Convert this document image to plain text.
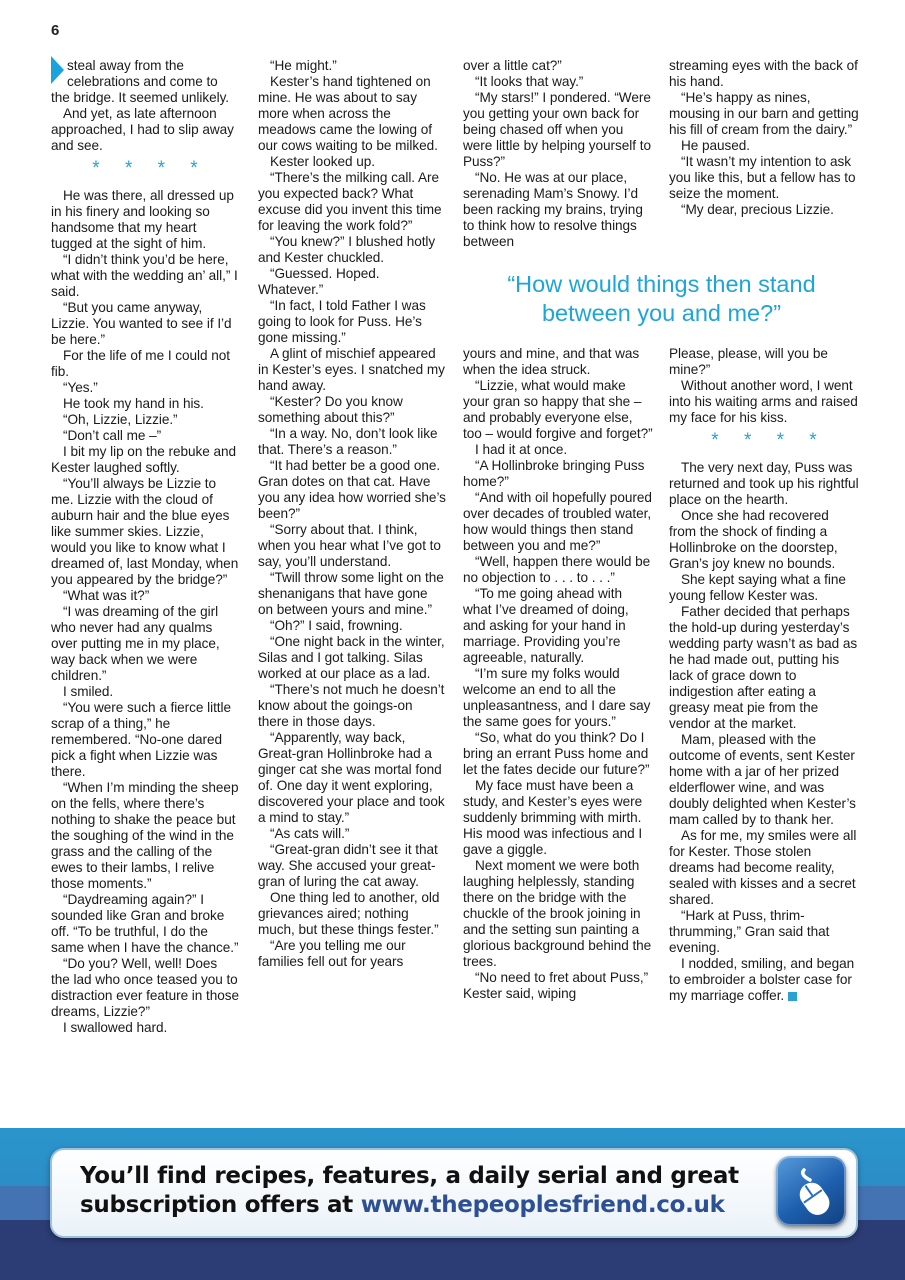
6

steal away from the celebrations and come to the bridge. It seemed unlikely.

And yet, as late afternoon approached, I had to slip away and see.

* * * *

He was there, all dressed up in his finery and looking so handsome that my heart tugged at the sight of him.

“I didn’t think you’d be here, what with the wedding an’ all,” I said.

“But you came anyway, Lizzie. You wanted to see if I’d be here.”

For the life of me I could not fib.

“Yes.”

He took my hand in his.

“Oh, Lizzie, Lizzie.”

“Don’t call me –”

I bit my lip on the rebuke and Kester laughed softly.

“You’ll always be Lizzie to me. Lizzie with the cloud of auburn hair and the blue eyes like summer skies. Lizzie, would you like to know what I dreamed of, last Monday, when you appeared by the bridge?”

“What was it?”

“I was dreaming of the girl who never had any qualms over putting me in my place, way back when we were children.”

I smiled.

“You were such a fierce little scrap of a thing,” he remembered. “No-one dared pick a fight when Lizzie was there.

“When I’m minding the sheep on the fells, where there’s nothing to shake the peace but the soughing of the wind in the grass and the calling of the ewes to their lambs, I relive those moments.”

“Daydreaming again?” I sounded like Gran and broke off. “To be truthful, I do the same when I have the chance.”

“Do you? Well, well! Does the lad who once teased you to distraction ever feature in those dreams, Lizzie?”

I swallowed hard.

“He might.”

Kester’s hand tightened on mine. He was about to say more when across the meadows came the lowing of our cows waiting to be milked.

Kester looked up.

“There’s the milking call. Are you expected back? What excuse did you invent this time for leaving the work fold?”

“You knew?” I blushed hotly and Kester chuckled.

“Guessed. Hoped. Whatever.”

“In fact, I told Father I was going to look for Puss. He’s gone missing.”

A glint of mischief appeared in Kester’s eyes. I snatched my hand away.

“Kester? Do you know something about this?”

“In a way. No, don’t look like that. There’s a reason.”

“It had better be a good one. Gran dotes on that cat. Have you any idea how worried she’s been?”

“Sorry about that. I think, when you hear what I’ve got to say, you’ll understand.

“Twill throw some light on the shenanigans that have gone on between yours and mine.”

“Oh?” I said, frowning.

“One night back in the winter, Silas and I got talking. Silas worked at our place as a lad.

“There’s not much he doesn’t know about the goings-on there in those days.

“Apparently, way back, Great-gran Hollinbroke had a ginger cat she was mortal fond of. One day it went exploring, discovered your place and took a mind to stay.”

“As cats will.”

“Great-gran didn’t see it that way. She accused your great-gran of luring the cat away.

One thing led to another, old grievances aired; nothing much, but these things fester.”

“Are you telling me our families fell out for years

over a little cat?”

“It looks that way.”

“My stars!” I pondered. “Were you getting your own back for being chased off when you were little by helping yourself to Puss?”

“No. He was at our place, serenading Mam’s Snowy. I’d been racking my brains, trying to think how to resolve things between

streaming eyes with the back of his hand.

“He’s happy as nines, mousing in our barn and getting his fill of cream from the dairy.”

He paused.

“It wasn’t my intention to ask you like this, but a fellow has to seize the moment.

“My dear, precious Lizzie.

“How would things then stand between you and me?”

yours and mine, and that was when the idea struck.

“Lizzie, what would make your gran so happy that she – and probably everyone else, too – would forgive and forget?”

I had it at once.

“A Hollinbroke bringing Puss home?”

“And with oil hopefully poured over decades of troubled water, how would things then stand between you and me?”

“Well, happen there would be no objection to . . . to . . .”

“To me going ahead with what I’ve dreamed of doing, and asking for your hand in marriage. Providing you’re agreeable, naturally.

“I’m sure my folks would welcome an end to all the unpleasantness, and I dare say the same goes for yours.”

“So, what do you think? Do I bring an errant Puss home and let the fates decide our future?”

My face must have been a study, and Kester’s eyes were suddenly brimming with mirth. His mood was infectious and I gave a giggle.

Next moment we were both laughing helplessly, standing there on the bridge with the chuckle of the brook joining in and the setting sun painting a glorious background behind the trees.

“No need to fret about Puss,” Kester said, wiping

Please, please, will you be mine?”

Without another word, I went into his waiting arms and raised my face for his kiss.

* * * *

The very next day, Puss was returned and took up his rightful place on the hearth.

Once she had recovered from the shock of finding a Hollinbroke on the doorstep, Gran’s joy knew no bounds.

She kept saying what a fine young fellow Kester was.

Father decided that perhaps the hold-up during yesterday’s wedding party wasn’t as bad as he had made out, putting his lack of grace down to indigestion after eating a greasy meat pie from the vendor at the market.

Mam, pleased with the outcome of events, sent Kester home with a jar of her prized elderflower wine, and was doubly delighted when Kester’s mam called by to thank her.

As for me, my smiles were all for Kester. Those stolen dreams had become reality, sealed with kisses and a secret shared.

“Hark at Puss, thrim-thrumming,” Gran said that evening.

I nodded, smiling, and began to embroider a bolster case for my marriage coffer.

You’ll find recipes, features, a daily serial and great
subscription offers at www.thepeoplesfriend.co.uk
